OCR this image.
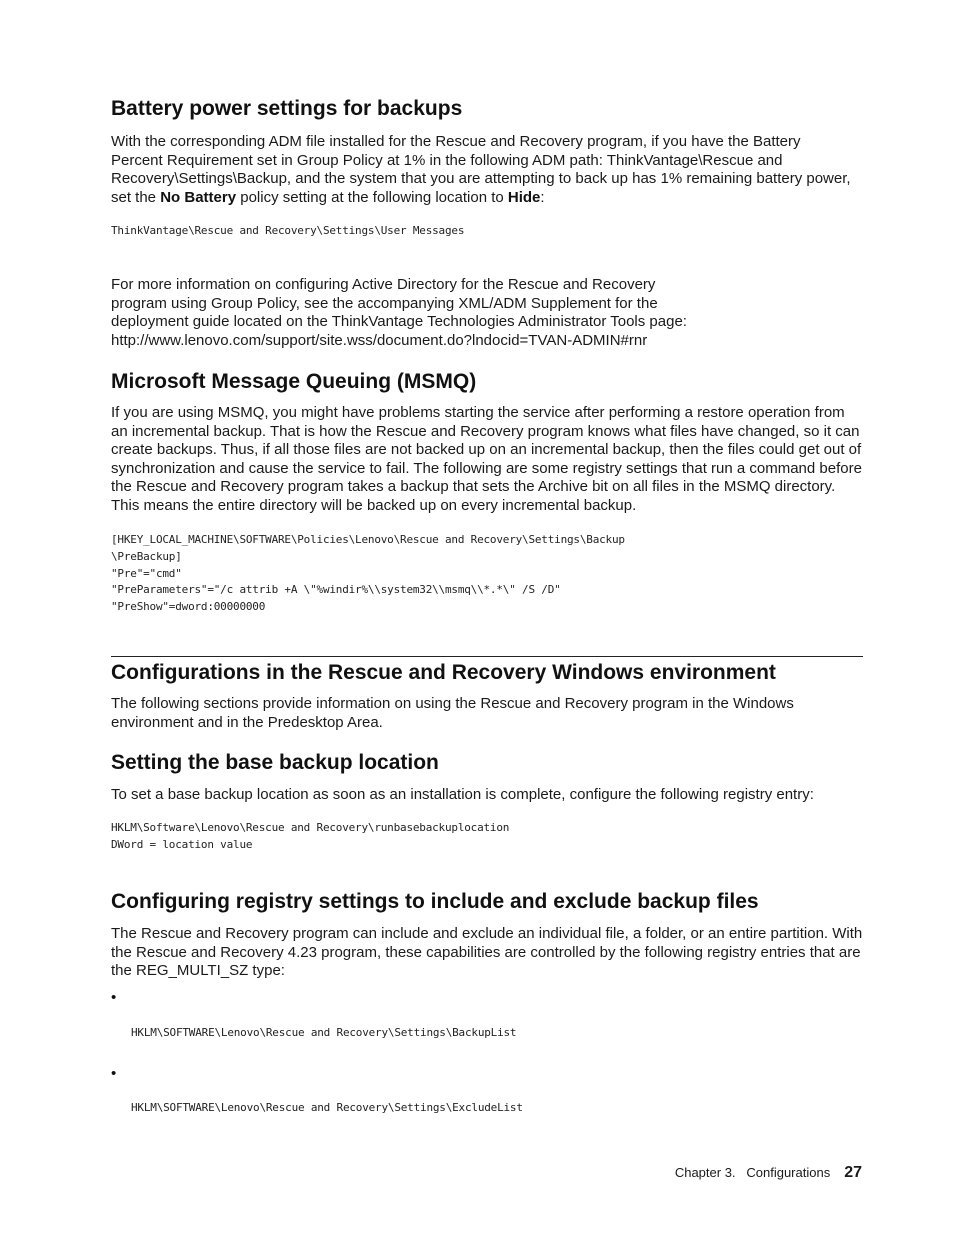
Battery power settings for backups

With the corresponding ADM file installed for the Rescue and Recovery program, if you have the Battery Percent Requirement set in Group Policy at 1% in the following ADM path: ThinkVantage\Rescue and Recovery\Settings\Backup, and the system that you are attempting to back up has 1% remaining battery power, set the No Battery policy setting at the following location to Hide:

ThinkVantage\Rescue and Recovery\Settings\User Messages

For more information on configuring Active Directory for the Rescue and Recovery program using Group Policy, see the accompanying XML/ADM Supplement for the deployment guide located on the ThinkVantage Technologies Administrator Tools page: http://www.lenovo.com/support/site.wss/document.do?lndocid=TVAN-ADMIN#rnr

Microsoft Message Queuing (MSMQ)

If you are using MSMQ, you might have problems starting the service after performing a restore operation from an incremental backup. That is how the Rescue and Recovery program knows what files have changed, so it can create backups. Thus, if all those files are not backed up on an incremental backup, then the files could get out of synchronization and cause the service to fail. The following are some registry settings that run a command before the Rescue and Recovery program takes a backup that sets the Archive bit on all files in the MSMQ directory. This means the entire directory will be backed up on every incremental backup.

[HKEY_LOCAL_MACHINE\SOFTWARE\Policies\Lenovo\Rescue and Recovery\Settings\Backup
\PreBackup]
"Pre"="cmd"
"PreParameters"="/c attrib +A \"%windir%\\system32\\msmq\\*.*\" /S /D"
"PreShow"=dword:00000000
Configurations in the Rescue and Recovery Windows environment

The following sections provide information on using the Rescue and Recovery program in the Windows environment and in the Predesktop Area.

Setting the base backup location

To set a base backup location as soon as an installation is complete, configure the following registry entry:

HKLM\Software\Lenovo\Rescue and Recovery\runbasebackuplocation
DWord = location value
Configuring registry settings to include and exclude backup files

The Rescue and Recovery program can include and exclude an individual file, a folder, or an entire partition. With the Rescue and Recovery 4.23 program, these capabilities are controlled by the following registry entries that are the REG_MULTI_SZ type:

•
HKLM\SOFTWARE\Lenovo\Rescue and Recovery\Settings\BackupList
•
HKLM\SOFTWARE\Lenovo\Rescue and Recovery\Settings\ExcludeList
Chapter 3.   Configurations 27
